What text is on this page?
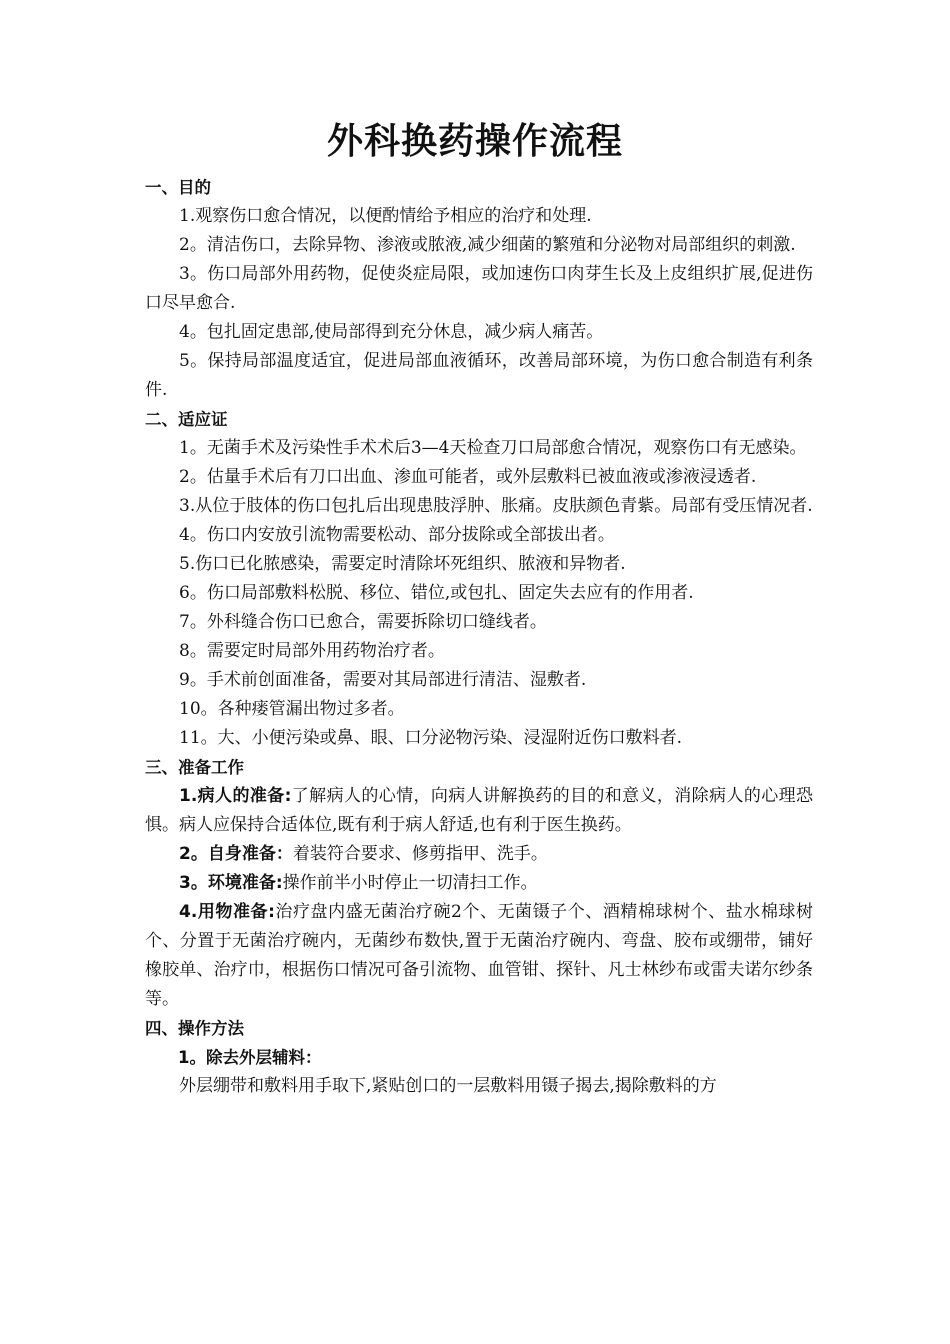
外科换药操作流程

一、目的

1.观察伤口愈合情况，以便酌情给予相应的治疗和处理.

2。清洁伤口，去除异物、渗液或脓液,减少细菌的繁殖和分泌物对局部组织的刺激.

3。伤口局部外用药物，促使炎症局限，或加速伤口肉芽生长及上皮组织扩展,促进伤口尽早愈合.

4。包扎固定患部,使局部得到充分休息，减少病人痛苦。

5。保持局部温度适宜，促进局部血液循环，改善局部环境，为伤口愈合制造有利条件.

二、适应证

1。无菌手术及污染性手术术后3—4天检查刀口局部愈合情况，观察伤口有无感染。

2。估量手术后有刀口出血、渗血可能者，或外层敷料已被血液或渗液浸透者.

3.从位于肢体的伤口包扎后出现患肢浮肿、胀痛。皮肤颜色青紫。局部有受压情况者.

4。伤口内安放引流物需要松动、部分拔除或全部拔出者。

5.伤口已化脓感染，需要定时清除坏死组织、脓液和异物者.

6。伤口局部敷料松脱、移位、错位,或包扎、固定失去应有的作用者.

7。外科缝合伤口已愈合，需要拆除切口缝线者。

8。需要定时局部外用药物治疗者。

9。手术前创面准备，需要对其局部进行清洁、湿敷者.

10。各种瘘管漏出物过多者。

11。大、小便污染或鼻、眼、口分泌物污染、浸湿附近伤口敷料者.

三、准备工作

1.病人的准备:了解病人的心情，向病人讲解换药的目的和意义，消除病人的心理恐惧。病人应保持合适体位,既有利于病人舒适,也有利于医生换药。

2。自身准备：着装符合要求、修剪指甲、洗手。

3。环境准备:操作前半小时停止一切清扫工作。

4.用物准备:治疗盘内盛无菌治疗碗2个、无菌镊子个、酒精棉球树个、盐水棉球树个、分置于无菌治疗碗内，无菌纱布数快,置于无菌治疗碗内、弯盘、胶布或绷带，铺好橡胶单、治疗巾，根据伤口情况可备引流物、血管钳、探针、凡士林纱布或雷夫诺尔纱条等。

四、操作方法

1。除去外层辅料：

外层绷带和敷料用手取下,紧贴创口的一层敷料用镊子揭去,揭除敷料的方
